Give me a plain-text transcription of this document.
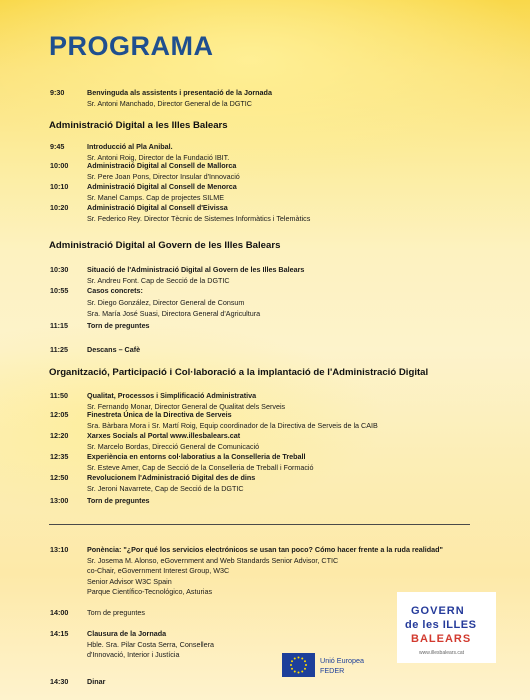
PROGRAMA
9:30	Benvinguda als assistents i presentació de la Jornada
Sr. Antoni Manchado, Director General de la DGTIC
Administració Digital a les Illes Balears
9:45	Introducció al Pla Anibal.
Sr. Antoni Roig, Director de la Fundació IBIT.
10:00	Administració Digital al Consell de Mallorca
Sr. Pere Joan Pons, Director Insular d'Innovació
10:10	Administració Digital al Consell de Menorca
Sr. Manel Camps. Cap de projectes SILME
10:20	Administració Digital al Consell d'Eivissa
Sr. Federico Rey. Director Tècnic de Sistemes Informàtics i Telemàtics
Administració Digital al Govern de les Illes Balears
10:30	Situació de l'Administració Digital al Govern de les Illes Balears
Sr. Andreu Font. Cap de Secció de la DGTIC
10:55	Casos concrets:
Sr. Diego González, Director General de Consum
Sra. María José Suasi, Directora General d'Agricultura
11:15	Torn de preguntes
11:25	Descans – Cafè
Organització, Participació i Col·laboració a la implantació de l'Administració Digital
11:50	Qualitat, Processos i Simplificació Administrativa
Sr. Fernando Monar, Director General de Qualitat dels Serveis
12:05	Finestreta Única de la Directiva de Serveis
Sra. Bàrbara Mora i Sr. Martí Roig, Equip coordinador de la Directiva de Serveis de la CAIB
12:20	Xarxes Socials al Portal www.illesbalears.cat
Sr. Marcelo Bordas, Direcció General de Comunicació
12:35	Experiència en entorns col·laboratius a la Conselleria de Treball
Sr. Esteve Amer, Cap de Secció de la Conselleria de Treball i Formació
12:50	Revolucionem l'Administració Digital des de dins
Sr. Jeroni Navarrete, Cap de Secció de la DGTIC
13:00	Torn de preguntes
13:10	Ponència: "¿Por qué los servicios electrónicos se usan tan poco? Cómo hacer frente a la ruda realidad"
Sr. Josema M. Alonso, eGovernment and Web Standards Senior Advisor, CTIC
co-Chair, eGovernment Interest Group, W3C
Senior Advisor W3C Spain
Parque Científico-Tecnológico, Asturias
14:00	Torn de preguntes
14:15	Clausura de la Jornada
Hble. Sra. Pilar Costa Serra, Consellera
d'Innovació, Interior i Justícia
14:30	Dinar
GOVERN
de les ILLES
BALEARS
www.illesbalears.cat
Unió Europea
FEDER
